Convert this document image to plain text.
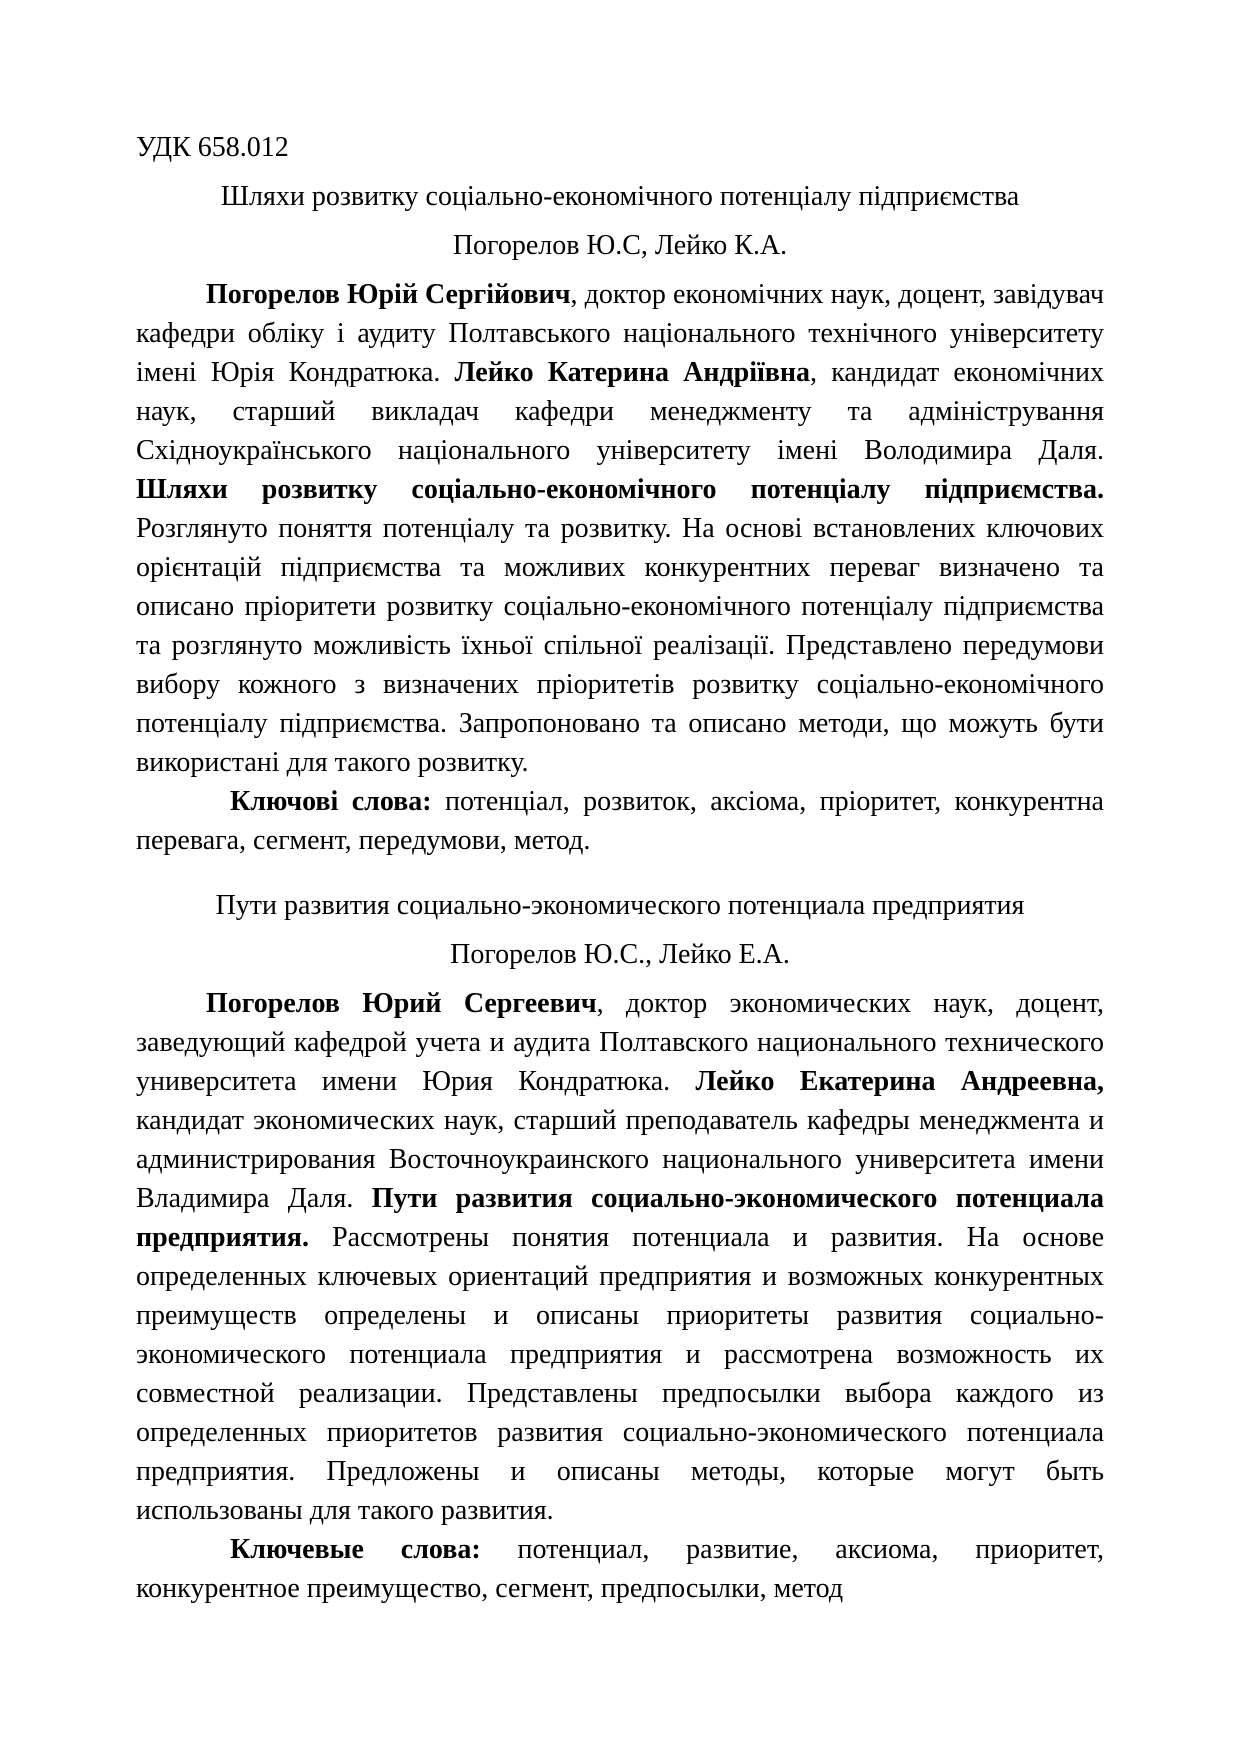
УДК 658.012

Шляхи розвитку соціально-економічного потенціалу підприємства

Погорелов Ю.С, Лейко К.А.

Погорелов Юрій Сергійович, доктор економічних наук, доцент, завідувач кафедри обліку і аудиту Полтавського національного технічного університету імені Юрія Кондратюка. Лейко Катерина Андріївна, кандидат економічних наук, старший викладач кафедри менеджменту та адміністрування Східноукраїнського національного університету імені Володимира Даля. Шляхи розвитку соціально-економічного потенціалу підприємства. Розглянуто поняття потенціалу та розвитку. На основі встановлених ключових орієнтацій підприємства та можливих конкурентних переваг визначено та описано пріоритети розвитку соціально-економічного потенціалу підприємства та розглянуто можливість їхньої спільної реалізації. Представлено передумови вибору кожного з визначених пріоритетів розвитку соціально-економічного потенціалу підприємства. Запропоновано та описано методи, що можуть бути використані для такого розвитку.

Ключові слова: потенціал, розвиток, аксіома, пріоритет, конкурентна перевага, сегмент, передумови, метод.

Пути развития социально-экономического потенциала предприятия

Погорелов Ю.С., Лейко Е.А.

Погорелов Юрий Сергеевич, доктор экономических наук, доцент, заведующий кафедрой учета и аудита Полтавского национального технического университета имени Юрия Кондратюка. Лейко Екатерина Андреевна, кандидат экономических наук, старший преподаватель кафедры менеджмента и администрирования Восточноукраинского национального университета имени Владимира Даля. Пути развития социально-экономического потенциала предприятия. Рассмотрены понятия потенциала и развития. На основе определенных ключевых ориентаций предприятия и возможных конкурентных преимуществ определены и описаны приоритеты развития социально-экономического потенциала предприятия и рассмотрена возможность их совместной реализации. Представлены предпосылки выбора каждого из определенных приоритетов развития социально-экономического потенциала предприятия. Предложены и описаны методы, которые могут быть использованы для такого развития.

Ключевые слова: потенциал, развитие, аксиома, приоритет, конкурентное преимущество, сегмент, предпосылки, метод
